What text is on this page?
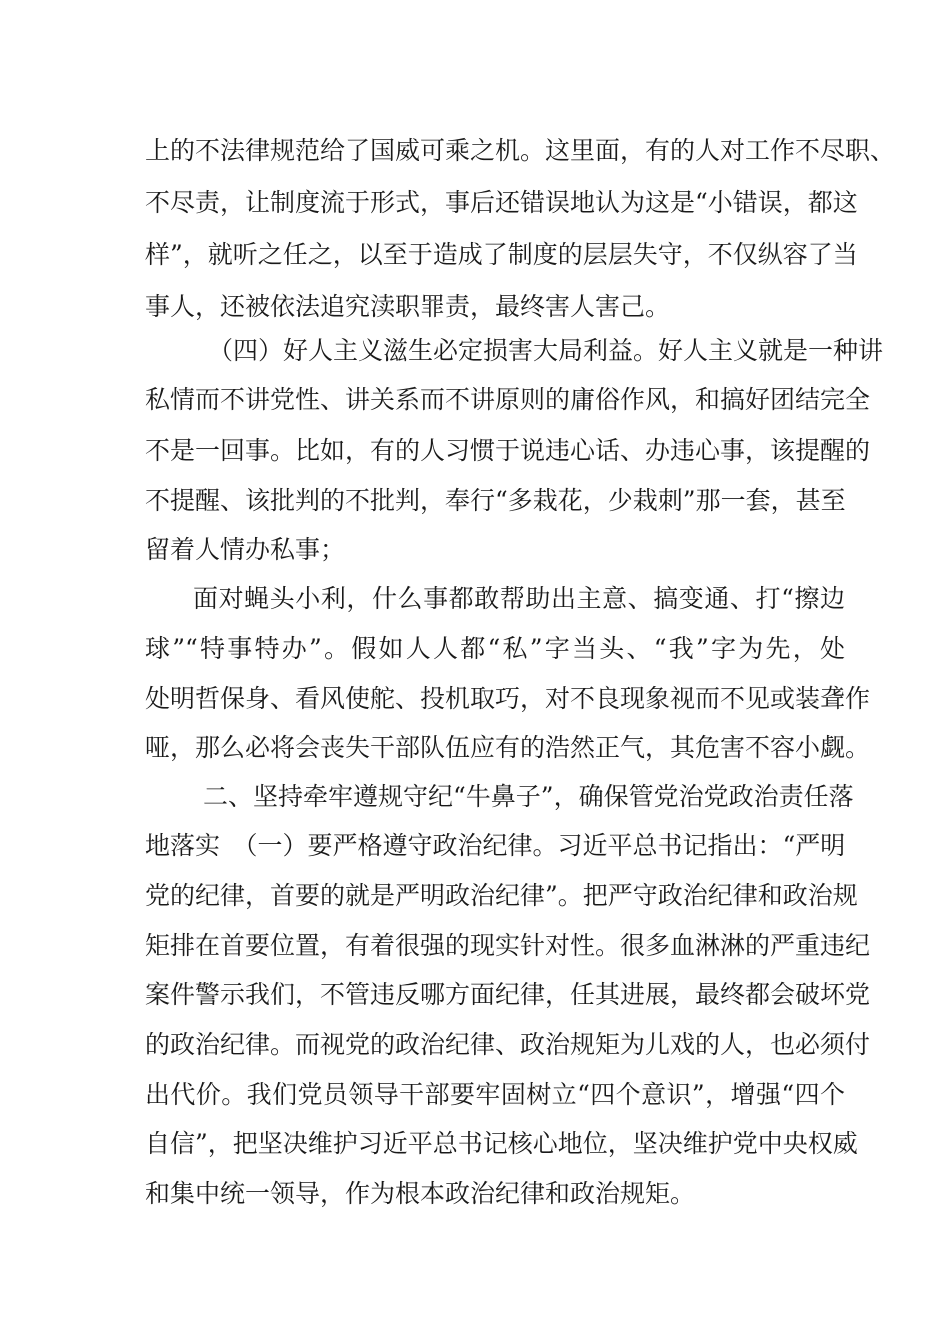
上的不法律规范给了国威可乘之机。这里面，有的人对工作不尽职、
不尽责，让制度流于形式，事后还错误地认为这是“小错误，都这
样”，就听之任之，以至于造成了制度的层层失守，不仅纵容了当
事人，还被依法追究渎职罪责，最终害人害己。
（四）好人主义滋生必定损害大局利益。好人主义就是一种讲
私情而不讲党性、讲关系而不讲原则的庸俗作风，和搞好团结完全
不是一回事。比如，有的人习惯于说违心话、办违心事，该提醒的
不提醒、该批判的不批判，奉行“多栽花，少栽刺”那一套，甚至
留着人情办私事；
面对蝇头小利，什么事都敢帮助出主意、搞变通、打“擦边
球”“特事特办”。假如人人都“私”字当头、“我”字为先，处
处明哲保身、看风使舵、投机取巧，对不良现象视而不见或装聋作
哑，那么必将会丧失干部队伍应有的浩然正气，其危害不容小觑。
二、坚持牵牢遵规守纪“牛鼻子”，确保管党治党政治责任落
地落实　（一）要严格遵守政治纪律。习近平总书记指出：“严明
党的纪律，首要的就是严明政治纪律”。把严守政治纪律和政治规
矩排在首要位置，有着很强的现实针对性。很多血淋淋的严重违纪
案件警示我们，不管违反哪方面纪律，任其进展，最终都会破坏党
的政治纪律。而视党的政治纪律、政治规矩为儿戏的人，也必须付
出代价。我们党员领导干部要牢固树立“四个意识”，增强“四个
自信”，把坚决维护习近平总书记核心地位，坚决维护党中央权威
和集中统一领导，作为根本政治纪律和政治规矩。
